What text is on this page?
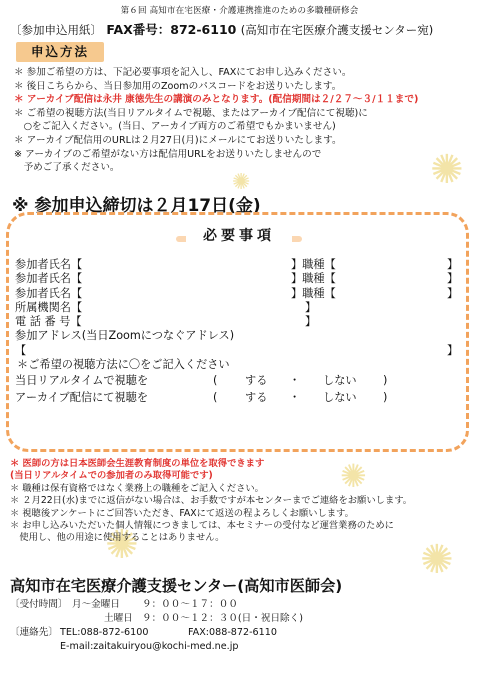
✺
✺
✺
✺
✺
第６回 高知市在宅医療・介護連携推進のための多職種研修会
〔参加申込用紙〕 FAX番号：872-6110 (高知市在宅医療介護支援センター宛)
申込方法
＊ 参加ご希望の方は、下記必要事項を記入し、FAXにてお申し込みください。
＊ 後日こちらから、当日参加用のZoomのパスコードをお送りいたします。
＊ アーカイブ配信は永井 康徳先生の講演のみとなります。(配信期間は２/２７～３/１１まで)
＊ ご希望の視聴方法(当日リアルタイムで視聴、またはアーカイブ配信にて視聴)に
　○をご記入ください。(当日、アーカイブ両方のご希望でもかまいません)
＊ アーカイブ配信用のURLは２月27日(月)にメールにてお送りいたします。
※ アーカイブのご希望がない方は配信用URLをお送りいたしませんので
　予めご了承ください。
※ 参加申込締切は２月17日(金)
必要事項
参加者氏名【	】職種【	】
参加者氏名【	】職種【	】
参加者氏名【	】職種【	】
所属機関名【	】
電 話 番 号【	】
参加アドレス(当日Zoomにつなぐアドレス)
【	】
＊ご希望の視聴方法に〇をご記入ください
当日リアルタイムで視聴を	( する ・ しない )
アーカイブ配信にて視聴を	( する ・ しない )
＊ 医師の方は日本医師会生涯教育制度の単位を取得できます
(当日リアルタイムでの参加者のみ取得可能です)
＊ 職種は保有資格ではなく業務上の職種をご記入ください。
＊ ２月22日(水)までに返信がない場合は、お手数ですが本センターまでご連絡をお願いします。
＊ 視聴後アンケートにご回答いただき、FAXにて返送の程よろしくお願いします。
＊ お申し込みいただいた個人情報につきましては、本セミナーの受付など運営業務のために
　使用し、他の用途に使用することはありません。
高知市在宅医療介護支援センター(高知市医師会)
〔受付時間〕 月～金曜日 ９：００～１７：００
土曜日 ９：００～１２：３０(日・祝日除く)
〔連絡先〕 TEL:088-872-6100	FAX:088-872-6110
E-mail:zaitakuiryou@kochi-med.ne.jp
